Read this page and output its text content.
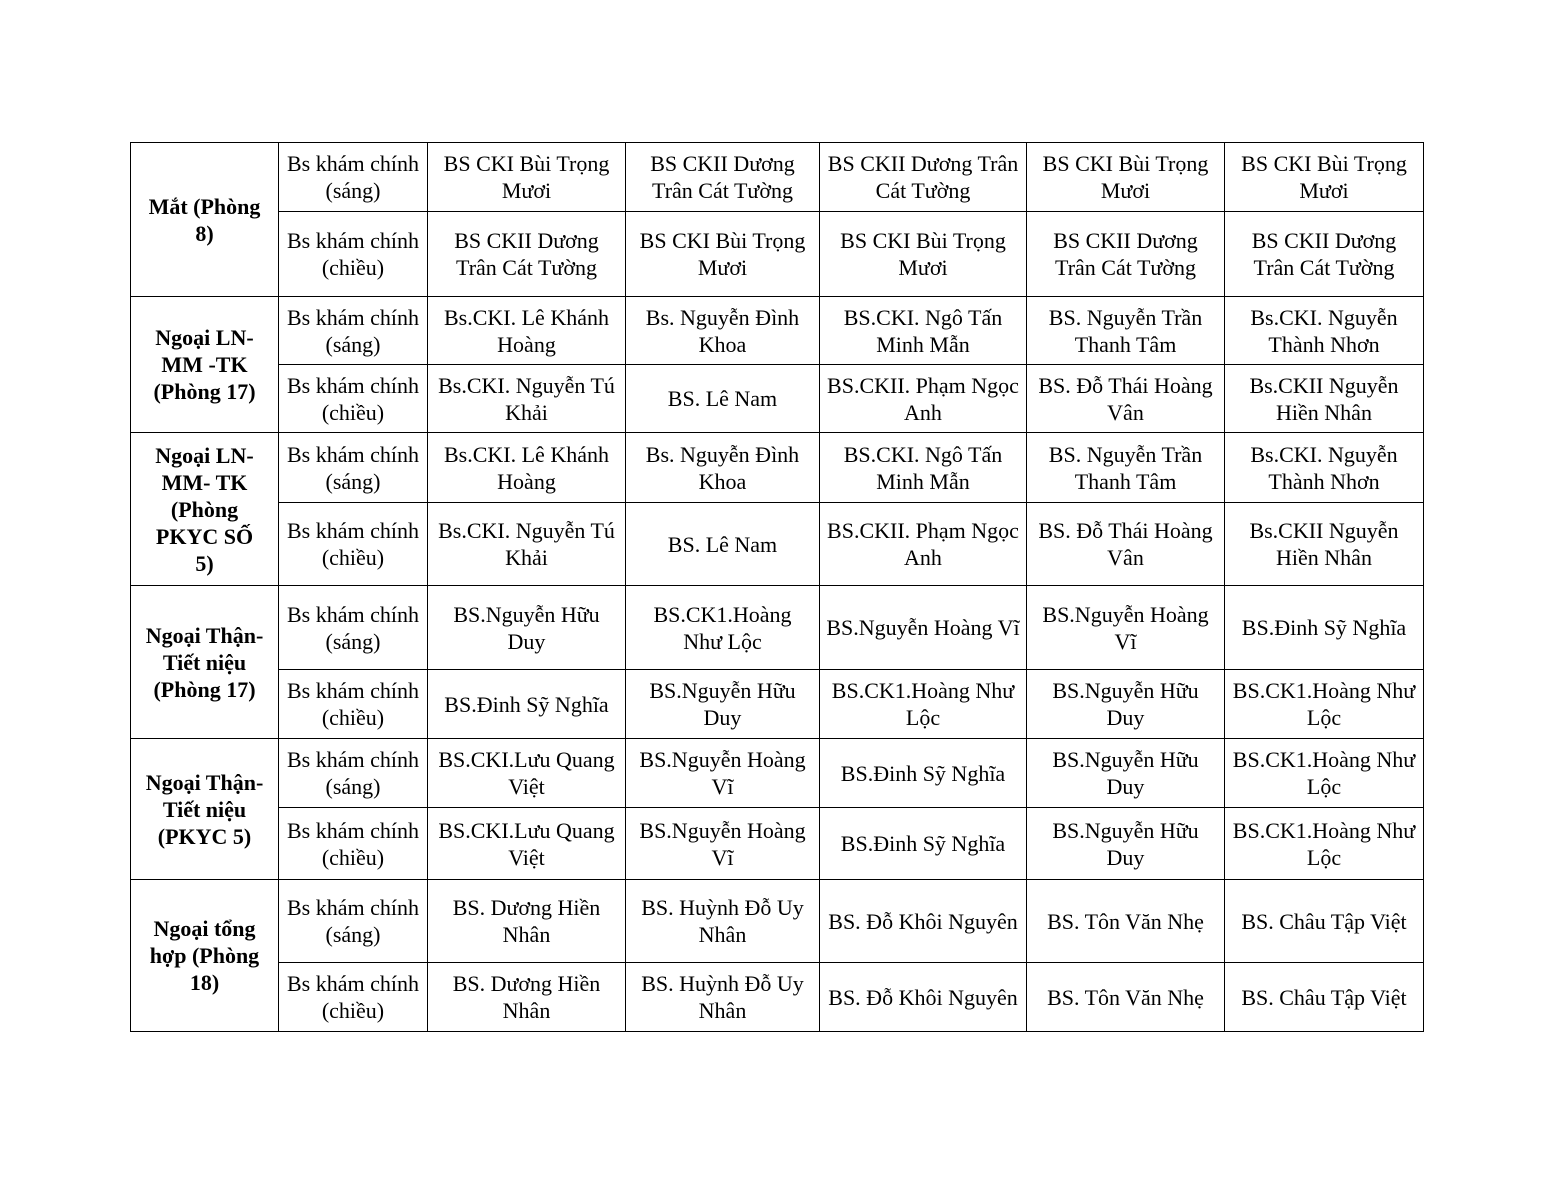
Mắt (Phòng 8)	Bs khám chính (sáng)	BS CKI Bùi Trọng Mươi	BS CKII Dương Trân Cát Tường	BS CKII Dương Trân Cát Tường	BS CKI Bùi Trọng Mươi	BS CKI Bùi Trọng Mươi
	Bs khám chính (chiều)	BS CKII Dương Trân Cát Tường	BS CKI Bùi Trọng Mươi	BS CKI Bùi Trọng Mươi	BS CKII Dương Trân Cát Tường	BS CKII Dương Trân Cát Tường

Ngoại LN-MM -TK (Phòng 17)	Bs khám chính (sáng)	Bs.CKI. Lê Khánh Hoàng	Bs. Nguyễn Đình Khoa	BS.CKI. Ngô Tấn Minh Mẫn	BS. Nguyễn Trần Thanh Tâm	Bs.CKI. Nguyễn Thành Nhơn
	Bs khám chính (chiều)	Bs.CKI. Nguyễn Tú Khải	BS. Lê Nam	BS.CKII. Phạm Ngọc Anh	BS. Đỗ Thái Hoàng Vân	Bs.CKII Nguyễn Hiền Nhân

Ngoại LN-MM- TK (Phòng PKYC SỐ 5)	Bs khám chính (sáng)	Bs.CKI. Lê Khánh Hoàng	Bs. Nguyễn Đình Khoa	BS.CKI. Ngô Tấn Minh Mẫn	BS. Nguyễn Trần Thanh Tâm	Bs.CKI. Nguyễn Thành Nhơn
	Bs khám chính (chiều)	Bs.CKI. Nguyễn Tú Khải	BS. Lê Nam	BS.CKII. Phạm Ngọc Anh	BS. Đỗ Thái Hoàng Vân	Bs.CKII Nguyễn Hiền Nhân

Ngoại Thận-Tiết niệu (Phòng 17)	Bs khám chính (sáng)	BS.Nguyễn Hữu Duy	BS.CK1.Hoàng Như Lộc	BS.Nguyễn Hoàng Vĩ	BS.Nguyễn Hoàng Vĩ	BS.Đinh Sỹ Nghĩa
	Bs khám chính (chiều)	BS.Đinh Sỹ Nghĩa	BS.Nguyễn Hữu Duy	BS.CK1.Hoàng Như Lộc	BS.Nguyễn Hữu Duy	BS.CK1.Hoàng Như Lộc

Ngoại Thận-Tiết niệu (PKYC 5)	Bs khám chính (sáng)	BS.CKI.Lưu Quang Việt	BS.Nguyễn Hoàng Vĩ	BS.Đinh Sỹ Nghĩa	BS.Nguyễn Hữu Duy	BS.CK1.Hoàng Như Lộc
	Bs khám chính (chiều)	BS.CKI.Lưu Quang Việt	BS.Nguyễn Hoàng Vĩ	BS.Đinh Sỹ Nghĩa	BS.Nguyễn Hữu Duy	BS.CK1.Hoàng Như Lộc

Ngoại tổng hợp (Phòng 18)	Bs khám chính (sáng)	BS. Dương Hiền Nhân	BS. Huỳnh Đỗ Uy Nhân	BS. Đỗ Khôi Nguyên	BS. Tôn Văn Nhẹ	BS. Châu Tập Việt
	Bs khám chính (chiều)	BS. Dương Hiền Nhân	BS. Huỳnh Đỗ Uy Nhân	BS. Đỗ Khôi Nguyên	BS. Tôn Văn Nhẹ	BS. Châu Tập Việt
